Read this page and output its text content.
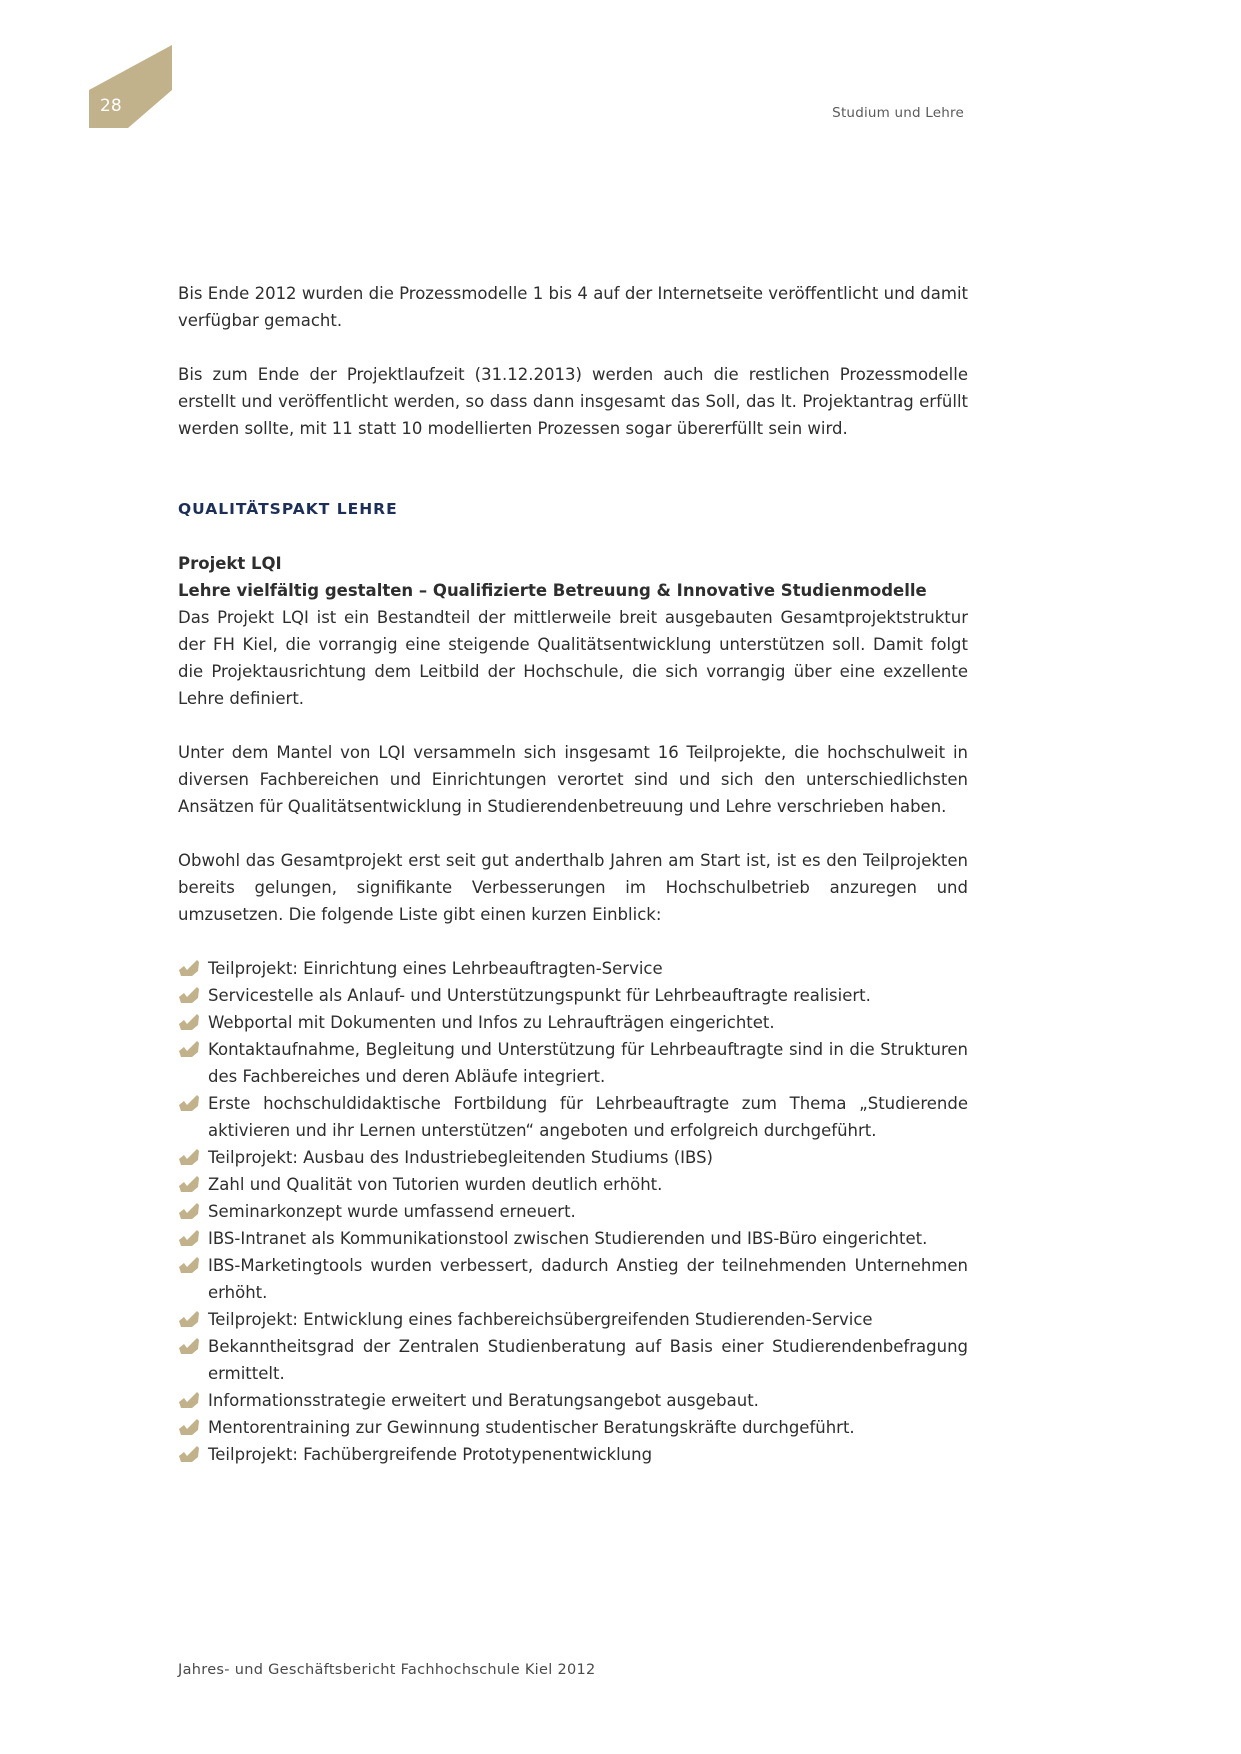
28	Studium und Lehre

Bis Ende 2012 wurden die Prozessmodelle 1 bis 4 auf der Internetseite veröffentlicht und damit verfügbar gemacht.

Bis zum Ende der Projektlaufzeit (31.12.2013) werden auch die restlichen Prozessmodelle erstellt und veröffentlicht werden, so dass dann insgesamt das Soll, das lt. Projektantrag erfüllt werden sollte, mit 11 statt 10 modellierten Prozessen sogar übererfüllt sein wird.

QUALITÄTSPAKT LEHRE

Projekt LQI

Lehre vielfältig gestalten – Qualifizierte Betreuung & Innovative Studienmodelle

Das Projekt LQI ist ein Bestandteil der mittlerweile breit ausgebauten Gesamtprojektstruktur der FH Kiel, die vorrangig eine steigende Qualitätsentwicklung unterstützen soll. Damit folgt die Projektausrichtung dem Leitbild der Hochschule, die sich vorrangig über eine exzellente Lehre definiert.

Unter dem Mantel von LQI versammeln sich insgesamt 16 Teilprojekte, die hochschulweit in diversen Fachbereichen und Einrichtungen verortet sind und sich den unterschiedlichsten Ansätzen für Qualitätsentwicklung in Studierendenbetreuung und Lehre verschrieben haben.

Obwohl das Gesamtprojekt erst seit gut anderthalb Jahren am Start ist, ist es den Teilprojekten bereits gelungen, signifikante Verbesserungen im Hochschulbetrieb anzuregen und umzusetzen. Die folgende Liste gibt einen kurzen Einblick:

Teilprojekt: Einrichtung eines Lehrbeauftragten-Service
Servicestelle als Anlauf- und Unterstützungspunkt für Lehrbeauftragte realisiert.
Webportal mit Dokumenten und Infos zu Lehraufträgen eingerichtet.
Kontaktaufnahme, Begleitung und Unterstützung für Lehrbeauftragte sind in die Strukturen des Fachbereiches und deren Abläufe integriert.
Erste hochschuldidaktische Fortbildung für Lehrbeauftragte zum Thema „Studierende aktivieren und ihr Lernen unterstützen“ angeboten und erfolgreich durchgeführt.
Teilprojekt: Ausbau des Industriebegleitenden Studiums (IBS)
Zahl und Qualität von Tutorien wurden deutlich erhöht.
Seminarkonzept wurde umfassend erneuert.
IBS-Intranet als Kommunikationstool zwischen Studierenden und IBS-Büro eingerichtet.
IBS-Marketingtools wurden verbessert, dadurch Anstieg der teilnehmenden Unternehmen erhöht.
Teilprojekt: Entwicklung eines fachbereichsübergreifenden Studierenden-Service
Bekanntheitsgrad der Zentralen Studienberatung auf Basis einer Studierendenbefragung ermittelt.
Informationsstrategie erweitert und Beratungsangebot ausgebaut.
Mentorentraining zur Gewinnung studentischer Beratungskräfte durchgeführt.
Teilprojekt: Fachübergreifende Prototypenentwicklung
Jahres- und Geschäftsbericht Fachhochschule Kiel 2012
